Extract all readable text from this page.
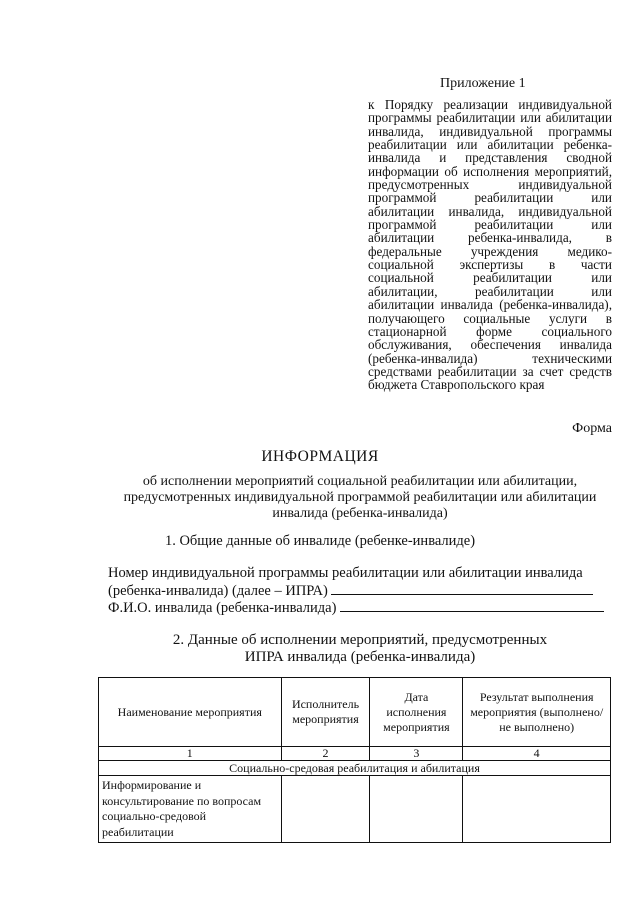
Приложение 1
к Порядку реализации индивидуальной программы реабилитации или абилитации инвалида, индивидуальной программы реабилитации или абилитации ребенка-инвалида и представления сводной информации об исполнения мероприятий, предусмотренных индивидуальной программой реабилитации или абилитации инвалида, индивидуальной программой реабилитации или абилитации ребенка-инвалида, в федеральные учреждения медико-социальной экспертизы в части социальной реабилитации или абилитации, реабилитации или абилитации инвалида (ребенка-инвалида), получающего социальные услуги в стационарной форме социального обслуживания, обеспечения инвалида (ребенка-инвалида) техническими средствами реабилитации за счет средств бюджета Ставропольского края
Форма
ИНФОРМАЦИЯ
об исполнении мероприятий социальной реабилитации или абилитации, предусмотренных индивидуальной программой реабилитации или абилитации инвалида (ребенка-инвалида)
1. Общие данные об инвалиде (ребенке-инвалиде)
Номер индивидуальной программы реабилитации или абилитации инвалида
(ребенка-инвалида) (далее – ИПРА)
Ф.И.О. инвалида (ребенка-инвалида)
2. Данные об исполнении мероприятий, предусмотренных
ИПРА инвалида (ребенка-инвалида)
Наименование мероприятия	Исполнитель мероприятия	Дата исполнения мероприятия	Результат выполнения мероприятия (выполнено/ не выполнено)
1	2	3	4
Социально-средовая реабилитация и абилитация			
Информирование и консультирование по вопросам социально-средовой реабилитации			
